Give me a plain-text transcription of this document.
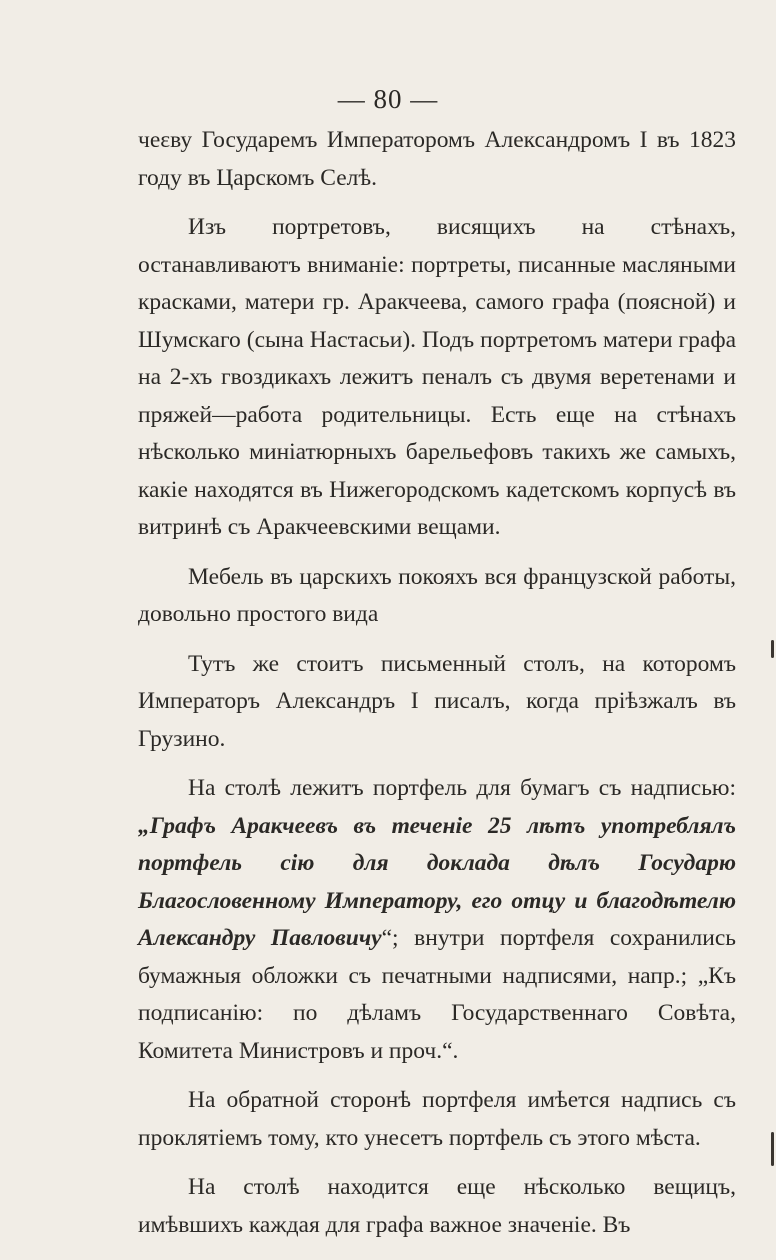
— 80 —

чеεву Государемъ Императоромъ Александромъ I въ 1823 году въ Царскомъ Селѣ.

Изъ портретовъ, висящихъ на стѣнахъ, останавливаютъ вниманіе: портреты, писанные масляными красками, матери гр. Аракчеева, самого графа (поясной) и Шумскаго (сына Настасьи). Подъ портретомъ матери графа на 2-хъ гвоздикахъ лежитъ пеналъ съ двумя веретенами и пряжей—работа родительницы. Есть еще на стѣнахъ нѣсколько миніатюрныхъ барельефовъ такихъ же самыхъ, какіе находятся въ Нижегородскомъ кадетскомъ корпусѣ въ витринѣ съ Аракчеевскими вещами.

Мебель въ царскихъ покояхъ вся французской работы, довольно простого вида

Тутъ же стоитъ письменный столъ, на которомъ Императоръ Александръ I писалъ, когда пріѣзжалъ въ Грузино.

На столѣ лежитъ портфель для бумагъ съ надписью: „Графъ Аракчеевъ въ теченіе 25 лѣтъ употреблялъ портфель сію для доклада дѣлъ Государю Благословенному Императору, его отцу и благодѣтелю Александру Павловичу“; внутри портфеля сохранились бумажныя обложки съ печатными надписями, напр.; „Къ подписанію: по дѣламъ Государственнаго Совѣта, Комитета Министровъ и проч.“.

На обратной сторонѣ портфеля имѣется надпись съ проклятіемъ тому, кто унесетъ портфель съ этого мѣста.

На столѣ находится еще нѣсколько вещицъ, имѣвшихъ каждая для графа важное значеніе. Въ
